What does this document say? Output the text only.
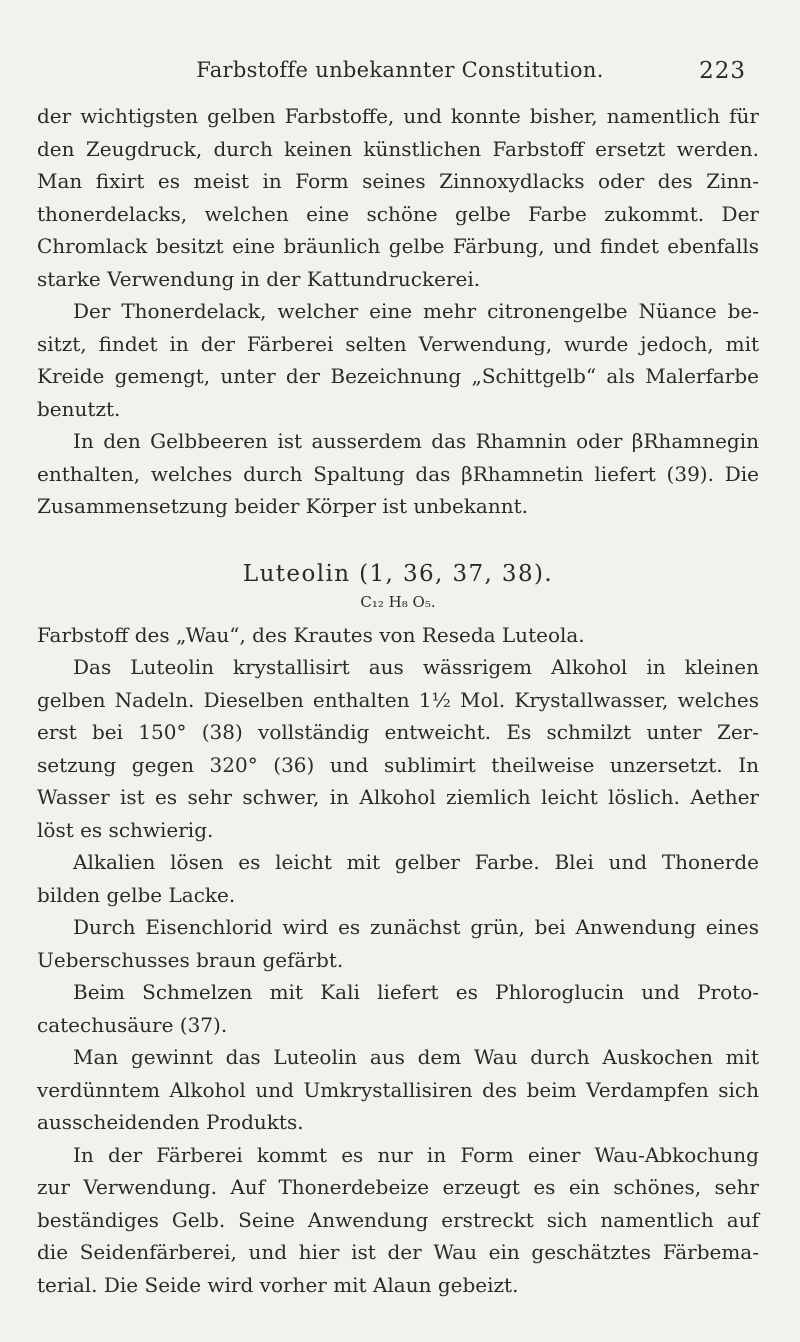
Farbstoffe unbekannter Constitution.	223

der wichtigsten gelben Farbstoffe, und konnte bisher, namentlich für
den Zeugdruck, durch keinen künstlichen Farbstoff ersetzt werden.
Man fixirt es meist in Form seines Zinnoxydlacks oder des Zinn-
thonerdelacks, welchen eine schöne gelbe Farbe zukommt. Der
Chromlack besitzt eine bräunlich gelbe Färbung, und findet ebenfalls
starke Verwendung in der Kattundruckerei.

Der Thonerdelack, welcher eine mehr citronengelbe Nüance be-
sitzt, findet in der Färberei selten Verwendung, wurde jedoch, mit
Kreide gemengt, unter der Bezeichnung „Schittgelb“ als Malerfarbe
benutzt.

In den Gelbbeeren ist ausserdem das Rhamnin oder βRhamnegin
enthalten, welches durch Spaltung das βRhamnetin liefert (39). Die
Zusammensetzung beider Körper ist unbekannt.

Luteolin (1, 36, 37, 38).
C₁₂ H₈ O₅.

Farbstoff des „Wau“, des Krautes von Reseda Luteola.

Das Luteolin krystallisirt aus wässrigem Alkohol in kleinen
gelben Nadeln. Dieselben enthalten 1½ Mol. Krystallwasser, welches
erst bei 150° (38) vollständig entweicht. Es schmilzt unter Zer-
setzung gegen 320° (36) und sublimirt theilweise unzersetzt. In
Wasser ist es sehr schwer, in Alkohol ziemlich leicht löslich. Aether
löst es schwierig.

Alkalien lösen es leicht mit gelber Farbe. Blei und Thonerde
bilden gelbe Lacke.

Durch Eisenchlorid wird es zunächst grün, bei Anwendung eines
Ueberschusses braun gefärbt.

Beim Schmelzen mit Kali liefert es Phloroglucin und Proto-
catechusäure (37).

Man gewinnt das Luteolin aus dem Wau durch Auskochen mit
verdünntem Alkohol und Umkrystallisiren des beim Verdampfen sich
ausscheidenden Produkts.

In der Färberei kommt es nur in Form einer Wau-Abkochung
zur Verwendung. Auf Thonerdebeize erzeugt es ein schönes, sehr
beständiges Gelb. Seine Anwendung erstreckt sich namentlich auf
die Seidenfärberei, und hier ist der Wau ein geschätztes Färbema-
terial. Die Seide wird vorher mit Alaun gebeizt.
